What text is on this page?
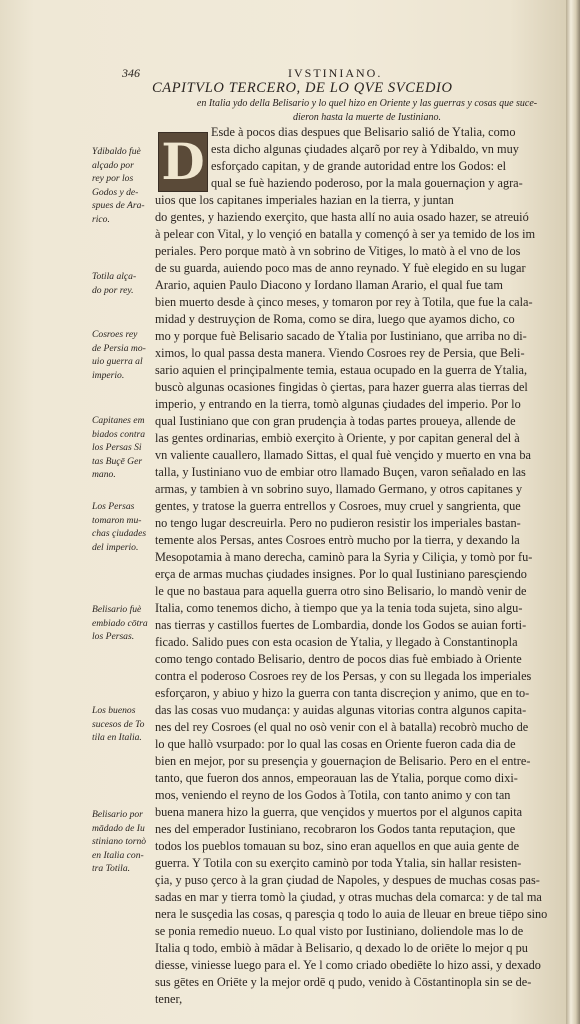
346	IVSTINIANO.
CAPITVLO TERCERO, DE LO QVE SVCEDIO
en Italia ydo della Belisario y lo quel hizo en Oriente y las guerras y cosas que suce-
dieron hasta la muerte de Iustiniano.
Esde à pocos dias despues que Belisario salió de Ytalia, como
esta dicho algunas çiudades alçarõ por rey à Ydibaldo, vn muy
esforçado capitan, y de grande autoridad entre los Godos: el
qual se fuè haziendo poderoso, por la mala gouernaçion y agra-
uios que los capitanes imperiales hazian en la tierra, y juntan
do gentes, y haziendo exerçito, que hasta allí no auia osado hazer, se atreuió
à pelear con Vital, y lo vençió en batalla y començó à ser ya temido de los im
periales. Pero porque matò à vn sobrino de Vitiges, lo matò à el vno de los
de su guarda, auiendo poco mas de anno reynado. Y fuè elegido en su lugar
Arario, aquien Paulo Diacono y Iordano llaman Arario, el qual fue tam
bien muerto desde à çinco meses, y tomaron por rey à Totila, que fue la cala-
midad y destruyçion de Roma, como se dira, luego que ayamos dicho, co
mo y porque fuè Belisario sacado de Ytalia por Iustiniano, que arriba no di-
ximos, lo qual passa desta manera. Viendo Cosroes rey de Persia, que Beli-
sario aquien el prinçipalmente temia, estaua ocupado en la guerra de Ytalia,
buscò algunas ocasiones fingidas ò çiertas, para hazer guerra alas tierras del
imperio, y entrando en la tierra, tomò algunas çiudades del imperio. Por lo
qual Iustiniano que con gran prudençia à todas partes proueya, allende de
las gentes ordinarias, embiò exerçito à Oriente, y por capitan general del à
vn valiente cauallero, llamado Sittas, el qual fuè vençido y muerto en vna ba
talla, y Iustiniano vuo de embiar otro llamado Buçen, varon señalado en las
armas, y tambien à vn sobrino suyo, llamado Germano, y otros capitanes y
gentes, y tratose la guerra entrellos y Cosroes, muy cruel y sangrienta, que
no tengo lugar descreuirla. Pero no pudieron resistir los imperiales bastan-
temente alos Persas, antes Cosroes entrò mucho por la tierra, y dexando la
Mesopotamia à mano derecha, caminò para la Syria y Ciliçia, y tomò por fu-
erça de armas muchas çiudades insignes. Por lo qual Iustiniano paresçiendo
le que no bastaua para aquella guerra otro sino Belisario, lo mandò venir de
Italia, como tenemos dicho, à tiempo que ya la tenia toda sujeta, sino algu-
nas tierras y castillos fuertes de Lombardia, donde los Godos se auian forti-
ficado. Salido pues con esta ocasion de Ytalia, y llegado à Constantinopla
como tengo contado Belisario, dentro de pocos dias fuè embiado à Oriente
contra el poderoso Cosroes rey de los Persas, y con su llegada los imperiales
esforçaron, y abiuo y hizo la guerra con tanta discreçion y animo, que en to-
das las cosas vuo mudança: y auidas algunas vitorias contra algunos capita-
nes del rey Cosroes (el qual no osò venir con el à batalla) recobrò mucho de
lo que hallò vsurpado: por lo qual las cosas en Oriente fueron cada dia de
bien en mejor, por su presençia y gouernaçion de Belisario. Pero en el entre-
tanto, que fueron dos annos, empeorauan las de Ytalia, porque como dixi-
mos, veniendo el reyno de los Godos à Totila, con tanto animo y con tan
buena manera hizo la guerra, que vençidos y muertos por el algunos capita
nes del emperador Iustiniano, recobraron los Godos tanta reputaçion, que
todos los pueblos tomauan su boz, sino eran aquellos en que auia gente de
guerra. Y Totila con su exerçito caminò por toda Ytalia, sin hallar resisten-
çia, y puso çerco à la gran çiudad de Napoles, y despues de muchas cosas pas-
sadas en mar y tierra tomò la çiudad, y otras muchas dela comarca: y de tal ma
nera le susçedia las cosas, q paresçia q todo lo auia de lleuar en breue tiēpo sino
se ponia remedio nueuo. Lo qual visto por Iustiniano, doliendole mas lo de
Italia q todo, embiò à mādar à Belisario, q dexado lo de oriēte lo mejor q pu
diesse, viniesse luego para el. Ye l como criado obediēte lo hizo assi, y dexado
sus gētes en Oriēte y la mejor ordē q pudo, venido à Cōstantinopla sin se de-
tener,
D
Ydibaldo fuè
alçado por
rey por los
Godos y de-
spues de Ara-
rico.
Totila alça-
do por rey.
Cosroes rey
de Persia mo-
uio guerra al
imperio.
Capitanes em
biados contra
los Persas Si
tas Buçē Ger
mano.
Los Persas
tomaron mu-
chas çiudades
del imperio.
Belisario fuè
embiado cōtra
los Persas.
Los buenos
sucesos de To
tila en Italia.
Belisario por
mādado de Iu
stiniano tornò
en Italia con-
tra Totila.
